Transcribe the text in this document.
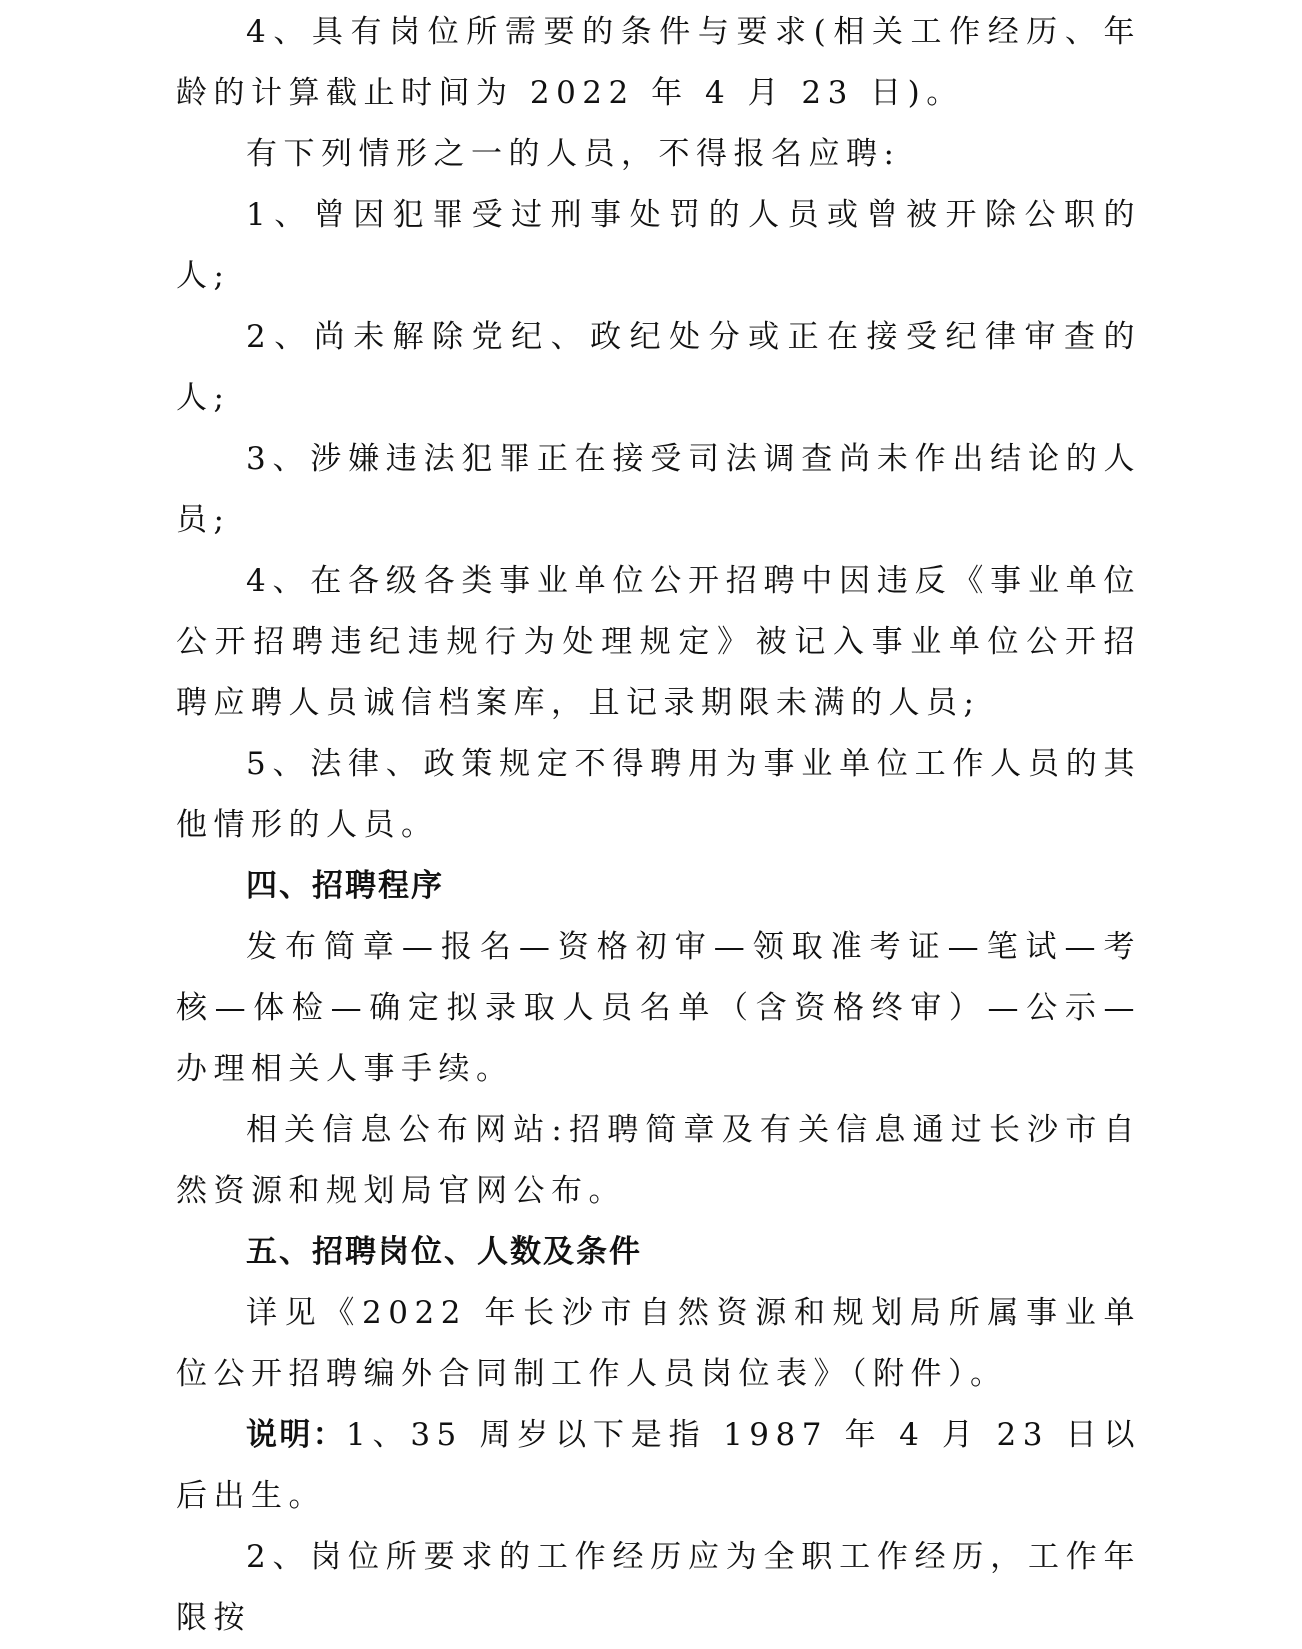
4、具有岗位所需要的条件与要求(相关工作经历、年龄的计算截止时间为 2022 年 4 月 23 日)。

有下列情形之一的人员，不得报名应聘:

1、曾因犯罪受过刑事处罚的人员或曾被开除公职的人;

2、尚未解除党纪、政纪处分或正在接受纪律审查的人;

3、涉嫌违法犯罪正在接受司法调查尚未作出结论的人员;

4、在各级各类事业单位公开招聘中因违反《事业单位公开招聘违纪违规行为处理规定》被记入事业单位公开招聘应聘人员诚信档案库，且记录期限未满的人员;

5、法律、政策规定不得聘用为事业单位工作人员的其他情形的人员。

四、招聘程序

发布简章—报名—资格初审—领取准考证—笔试—考核—体检—确定拟录取人员名单（含资格终审）—公示—办理相关人事手续。

相关信息公布网站:招聘简章及有关信息通过长沙市自然资源和规划局官网公布。

五、招聘岗位、人数及条件

详见《2022 年长沙市自然资源和规划局所属事业单位公开招聘编外合同制工作人员岗位表》（附件）。

说明：1、35 周岁以下是指 1987 年 4 月 23 日以后出生。

2、岗位所要求的工作经历应为全职工作经历，工作年限按
